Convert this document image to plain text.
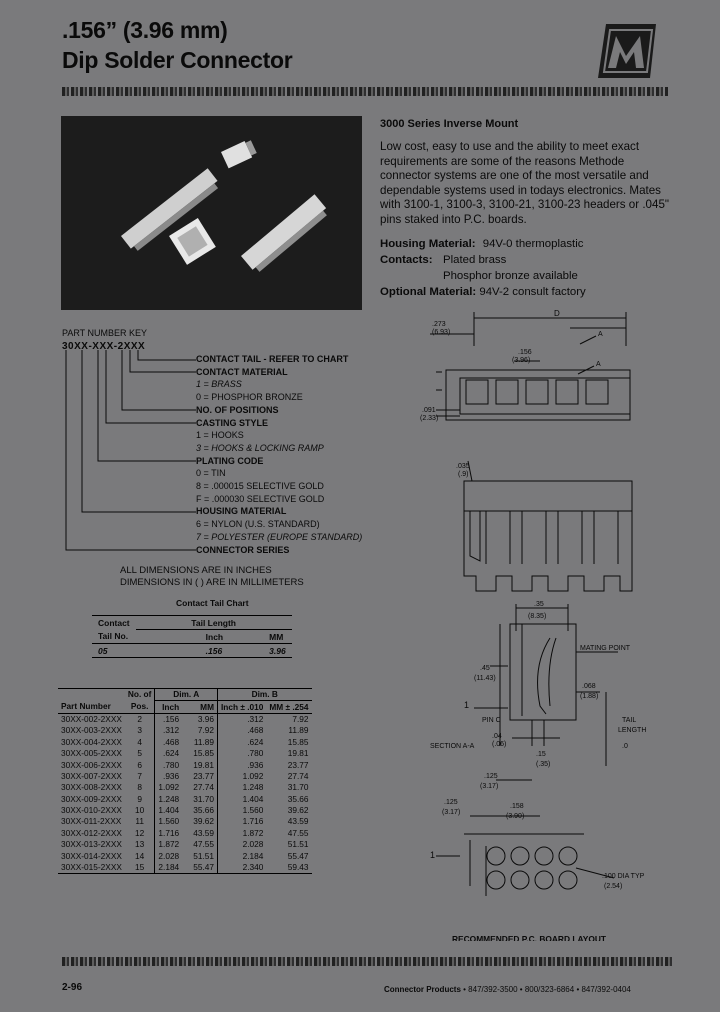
.156” (3.96 mm)
Dip Solder Connector
M
3000 Series Inverse Mount
Low cost, easy to use and the ability to meet exact
requirements are some of the reasons Methode
connector systems are one of the most versatile and
dependable systems used in todays electronics. Mates
with 3100-1, 3100-3, 3100-21, 3100-23 headers or .045"
pins staked into P.C. boards.
Housing Material: 94V-0 thermoplastic
Contacts: Plated brass
Phosphor bronze available
Optional Material: 94V-2 consult factory
PART NUMBER KEY
30XX-XXX-2XXX
CONTACT TAIL - REFER TO CHART
CONTACT MATERIAL
1 = BRASS
0 = PHOSPHOR BRONZE
NO. OF POSITIONS
CASTING STYLE
1 = HOOKS
3 = HOOKS & LOCKING RAMP
PLATING CODE
0 = TIN
8 = .000015 SELECTIVE GOLD
F = .000030 SELECTIVE GOLD
HOUSING MATERIAL
6 = NYLON (U.S. STANDARD)
7 = POLYESTER (EUROPE STANDARD)
CONNECTOR SERIES
ALL DIMENSIONS ARE IN INCHES
DIMENSIONS IN ( ) ARE IN MILLIMETERS
Contact Tail Chart
Contact	Tail Length	
Tail No.	Inch	MM
05	.156	3.96
	No. of	Dim. A		Dim. B	
Part Number	Pos.	Inch	MM	Inch ± .010	MM ± .254
30XX-002-2XXX	2	.156	3.96	.312	7.92
30XX-003-2XXX	3	.312	7.92	.468	11.89
30XX-004-2XXX	4	.468	11.89	.624	15.85
30XX-005-2XXX	5	.624	15.85	.780	19.81
30XX-006-2XXX	6	.780	19.81	.936	23.77
30XX-007-2XXX	7	.936	23.77	1.092	27.74
30XX-008-2XXX	8	1.092	27.74	1.248	31.70
30XX-009-2XXX	9	1.248	31.70	1.404	35.66
30XX-010-2XXX	10	1.404	35.66	1.560	39.62
30XX-011-2XXX	11	1.560	39.62	1.716	43.59
30XX-012-2XXX	12	1.716	43.59	1.872	47.55
30XX-013-2XXX	13	1.872	47.55	2.028	51.51
30XX-014-2XXX	14	2.028	51.51	2.184	55.47
30XX-015-2XXX	15	2.184	55.47	2.340	59.43
.273
(6.93)
D
A
A
.156
(3.96)
.091
(2.33)
.035
(.9)
.35
(8.35)
.45
(11.43)
MATING POINT
.068
(1.88)
1
PIN C	TAIL
LENGTH
.0
SECTION A-A
.04
(.06)
.15
(.35)
.125
(3.17)
.125
(3.17)
.158
(3.90)
1
.100 DIA TYP
(2.54)
RECOMMENDED P.C. BOARD LAYOUT
2-96	Connector Products • 847/392-3500 • 800/323-6864 • 847/392-0404
